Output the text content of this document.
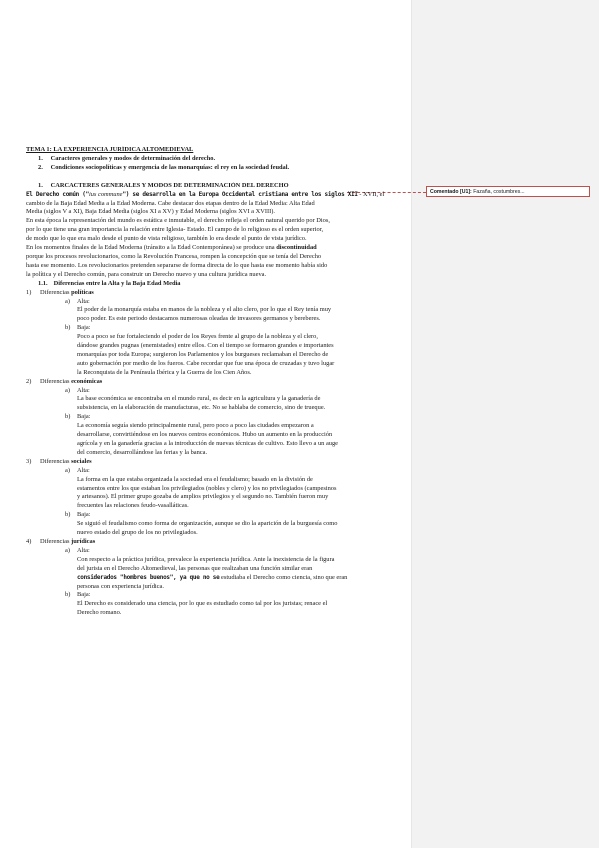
Comentado [U1]: Fazaña, costumbres...
TEMA 1: LA EXPERIENCIA JURÍDICA ALTOMEDIEVAL
1. Caracteres generales y modos de determinación del derecho.
2. Condiciones sociopolíticas y emergencia de las monarquías: el rey en la sociedad feudal.
1. CARCACTERES GENERALES Y MODOS DE DETERMINACIÓN DEL DERECHO
El Derecho común ("ius commune") se desarrolla en la Europa Occidental cristiana entre los siglos XII - XVII, el
cambio de la Baja Edad Media a la Edad Moderna. Cabe destacar dos etapas dentro de la Edad Media: Alta Edad
Media (siglos V a XI), Baja Edad Media (siglos XI a XV) y Edad Moderna (siglos XVI a XVIII).
En esta época la representación del mundo es estática e inmutable, el derecho refleja el orden natural querido por Dios,
por lo que tiene una gran importancia la relación entre Iglesia- Estado. El campo de lo religioso es el orden superior,
de modo que lo que era malo desde el punto de vista religioso, también lo era desde el punto de vista jurídico.
En los momentos finales de la Edad Moderna (tránsito a la Edad Contemporánea) se produce una discontinuidad
porque los procesos revolucionarios, como la Revolución Francesa, rompen la concepción que se tenía del Derecho
hasta ese momento. Los revolucionarios pretenden separarse de forma directa de lo que hasta ese momento había sido
la política y el Derecho común, para construir un Derecho nuevo y una cultura jurídica nueva.
1.1. Diferencias entre la Alta y la Baja Edad Media
1) Diferencias políticas
a) Alta:
El poder de la monarquía estaba en manos de la nobleza y el alto clero, por lo que el Rey tenía muy
poco poder. Es este periodo destacamos numerosas oleadas de invasores germanos y bereberes.
b) Baja:
Poco a poco se fue fortaleciendo el poder de los Reyes frente al grupo de la nobleza y el clero,
dándose grandes pugnas (enemistades) entre ellos. Con el tiempo se formaron grandes e importantes
monarquías por toda Europa; surgieron los Parlamentos y los burgueses reclamaban el Derecho de
auto gobernación por medio de los fueros. Cabe recordar que fue una época de cruzadas y tuvo lugar
la Reconquista de la Península Ibérica y la Guerra de los Cien Años.
2) Diferencias económicas
a) Alta:
La base económica se encontraba en el mundo rural, es decir en la agricultura y la ganadería de
subsistencia, en la elaboración de manufacturas, etc. No se hablaba de comercio, sino de trueque.
b) Baja:
La economía seguía siendo principalmente rural, pero poco a poco las ciudades empezaron a
desarrollarse, convirtiéndose en los nuevos centros económicos. Hubo un aumento en la producción
agrícola y en la ganadería gracias a la introducción de nuevas técnicas de cultivo. Esto llevo a un auge
del comercio, desarrollándose las ferias y la banca.
3) Diferencias sociales
a) Alta:
La forma en la que estaba organizada la sociedad era el feudalismo; basado en la división de
estamentos entre los que estaban los privilegiados (nobles y clero) y los no privilegiados (campesinos
y artesanos). El primer grupo gozaba de amplios privilegios y el segundo no. También fueron muy
frecuentes las relaciones feudo-vasalláticas.
b) Baja:
Se siguió el feudalismo como forma de organización, aunque se dio la aparición de la burguesía como
nuevo estado del grupo de los no privilegiados.
4) Diferencias jurídicas
a) Alta:
Con respecto a la práctica jurídica, prevalece la experiencia jurídica. Ante la inexistencia de la figura
del jurista en el Derecho Altomedieval, las personas que realizaban una función similar eran
considerados "hombres buenos", ya que no se estudiaba el Derecho como ciencia, sino que eran
personas con experiencia jurídica.
b) Baja:
El Derecho es considerado una ciencia, por lo que es estudiado como tal por los juristas; renace el
Derecho romano.
